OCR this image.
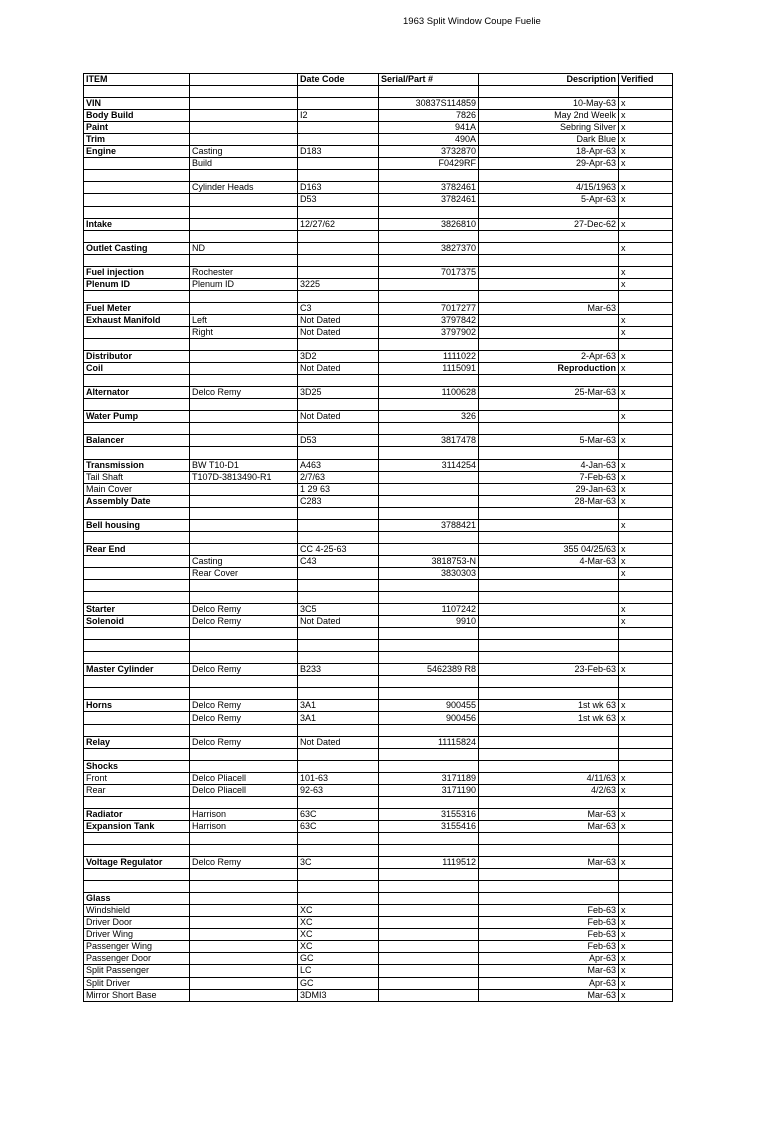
1963 Split Window Coupe Fuelie
ITEM		Date Code	Serial/Part #	Description	Verified

VIN			30837S114859	10-May-63	x
Body Build		I2	7826	May 2nd Weelk	x
Paint			941A	Sebring Silver	x
Trim			490A	Dark Blue	x
Engine	Casting	D183	3732870	18-Apr-63	x
	Build		F0429RF	29-Apr-63	x

	Cylinder Heads	D163	3782461	4/15/1963	x
		D53	3782461	5-Apr-63	x

Intake		12/27/62	3826810	27-Dec-62	x

Outlet Casting	ND		3827370		x

Fuel injection	Rochester		7017375		x
Plenum ID	Plenum ID	3225			x

Fuel Meter		C3	7017277	Mar-63	
Exhaust Manifold	Left	Not Dated	3797842		x
	Right	Not Dated	3797902		x

Distributor		3D2	1111022	2-Apr-63	x
Coil		Not Dated	1115091	Reproduction	x

Alternator	Delco Remy	3D25	1100628	25-Mar-63	x

Water Pump		Not Dated	326		x

Balancer		D53	3817478	5-Mar-63	x

Transmission	BW T10-D1	A463	3114254	4-Jan-63	x
Tail Shaft	T107D-3813490-R1	2/7/63		7-Feb-63	x
Main Cover		1 29 63		29-Jan-63	x
Assembly Date		C283		28-Mar-63	x

Bell housing			3788421		x

Rear End		CC 4-25-63		355 04/25/63	x
	Casting	C43	3818753-N	4-Mar-63	x
	Rear Cover		3830303		x

Starter	Delco Remy	3C5	1107242		x
Solenoid	Delco Remy	Not Dated	9910		x

Master Cylinder	Delco Remy	B233	5462389 R8	23-Feb-63	x

Horns	Delco Remy	3A1	900455	1st wk 63	x
	Delco Remy	3A1	900456	1st wk 63	x

Relay	Delco Remy	Not Dated	11115824		

Shocks					
Front	Delco Pliacell	101-63	3171189	4/11/63	x
Rear	Delco Pliacell	92-63	3171190	4/2/63	x

Radiator	Harrison	63C	3155316	Mar-63	x
Expansion Tank	Harrison	63C	3155416	Mar-63	x

Voltage Regulator	Delco Remy	3C	1119512	Mar-63	x

Glass					
Windshield		XC		Feb-63	x
Driver Door		XC		Feb-63	x
Driver Wing		XC		Feb-63	x
Passenger Wing		XC		Feb-63	x
Passenger Door		GC		Apr-63	x
Split Passenger		LC		Mar-63	x
Split Driver		GC		Apr-63	x
Mirror Short Base		3DMI3		Mar-63	x
